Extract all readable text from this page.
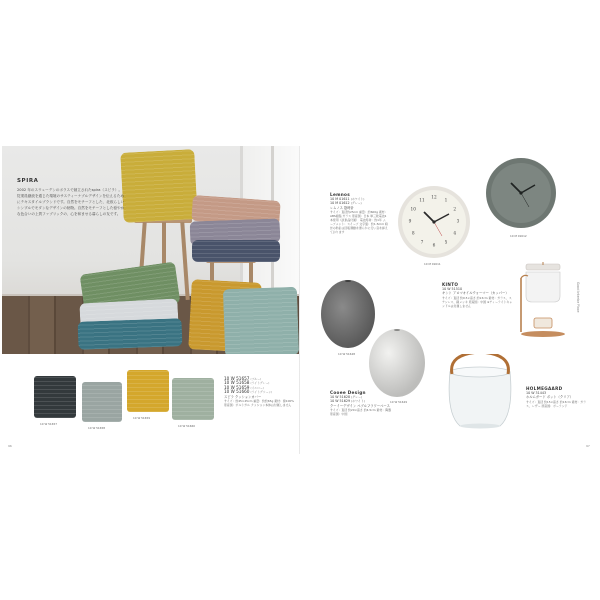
SPIRA
2002 年のスウェーデンのボラスで創立されたspira（スピラ）。従業員継続を通じた環境のサスティーナブルデザインを伝えるためにテキスタイルブランドです。自然をモチーフとした、北欧らしいシンプルでモダンなデザインの柄物。自然をモチーフとした穏やかな色合いの上質ファブリックの、心を和ませる暮らしの友です。
10 W 51657
10 W 51658
10 W 51659
10 W 51660
10 W 51657 (ブルー)
10 W 51658 (ライトグレー)
10 W 51659 (イエロー)
10 W 51660 (ライトグリーン)
スピラ クッションカバー
サイズ：約45×45cm 重量：約約65g 素材：綿100% 原産国：ポルトガル クッション本体は付属しません
96
Lemnos
10 M 01611 (ホワイト)
10 M 01612 (グレー)
レムノス 掛時計
サイズ：直径約25cm 重量：約600g 素材：ABS樹脂 ガラス 原産国：日本 単三乾電池1本使用（試供品付属） 電池寿命：約1年 ムーブメント：スイープ 文字盤：約1.5mm 時計の秒針は回転運動を滑らかに行い音を抑えております
12
1
2
3
4
5
6
7
8
9
10
11
10 M 01611
10 M 01612
KINTO
10 W 51510
キント アロマオイルウォーマー（カッパー）
サイズ：直径 約9.5×高さ 約13cm 素材：ガラス、ステンレス、銅メッキ 原産国：中国 ※ティーライトキャンドルは付属しません
10 W 51628
10 W 51629
Cooee Design
10 W 51628 (グレー)
10 W 51629 (ホワイト)
クーイーデザイン ぺブルフラワーベース
サイズ：直径 約20×高さ 約4.5cm 素材：陶器 原産国：中国
HOLMEGAARD
10 W 31443
ホルムガード ポット（クリア）
サイズ：直径 約15×高さ 約13cm 素材：ガラス、レザー 原産国：ポーランド
97
Good Interior Place
